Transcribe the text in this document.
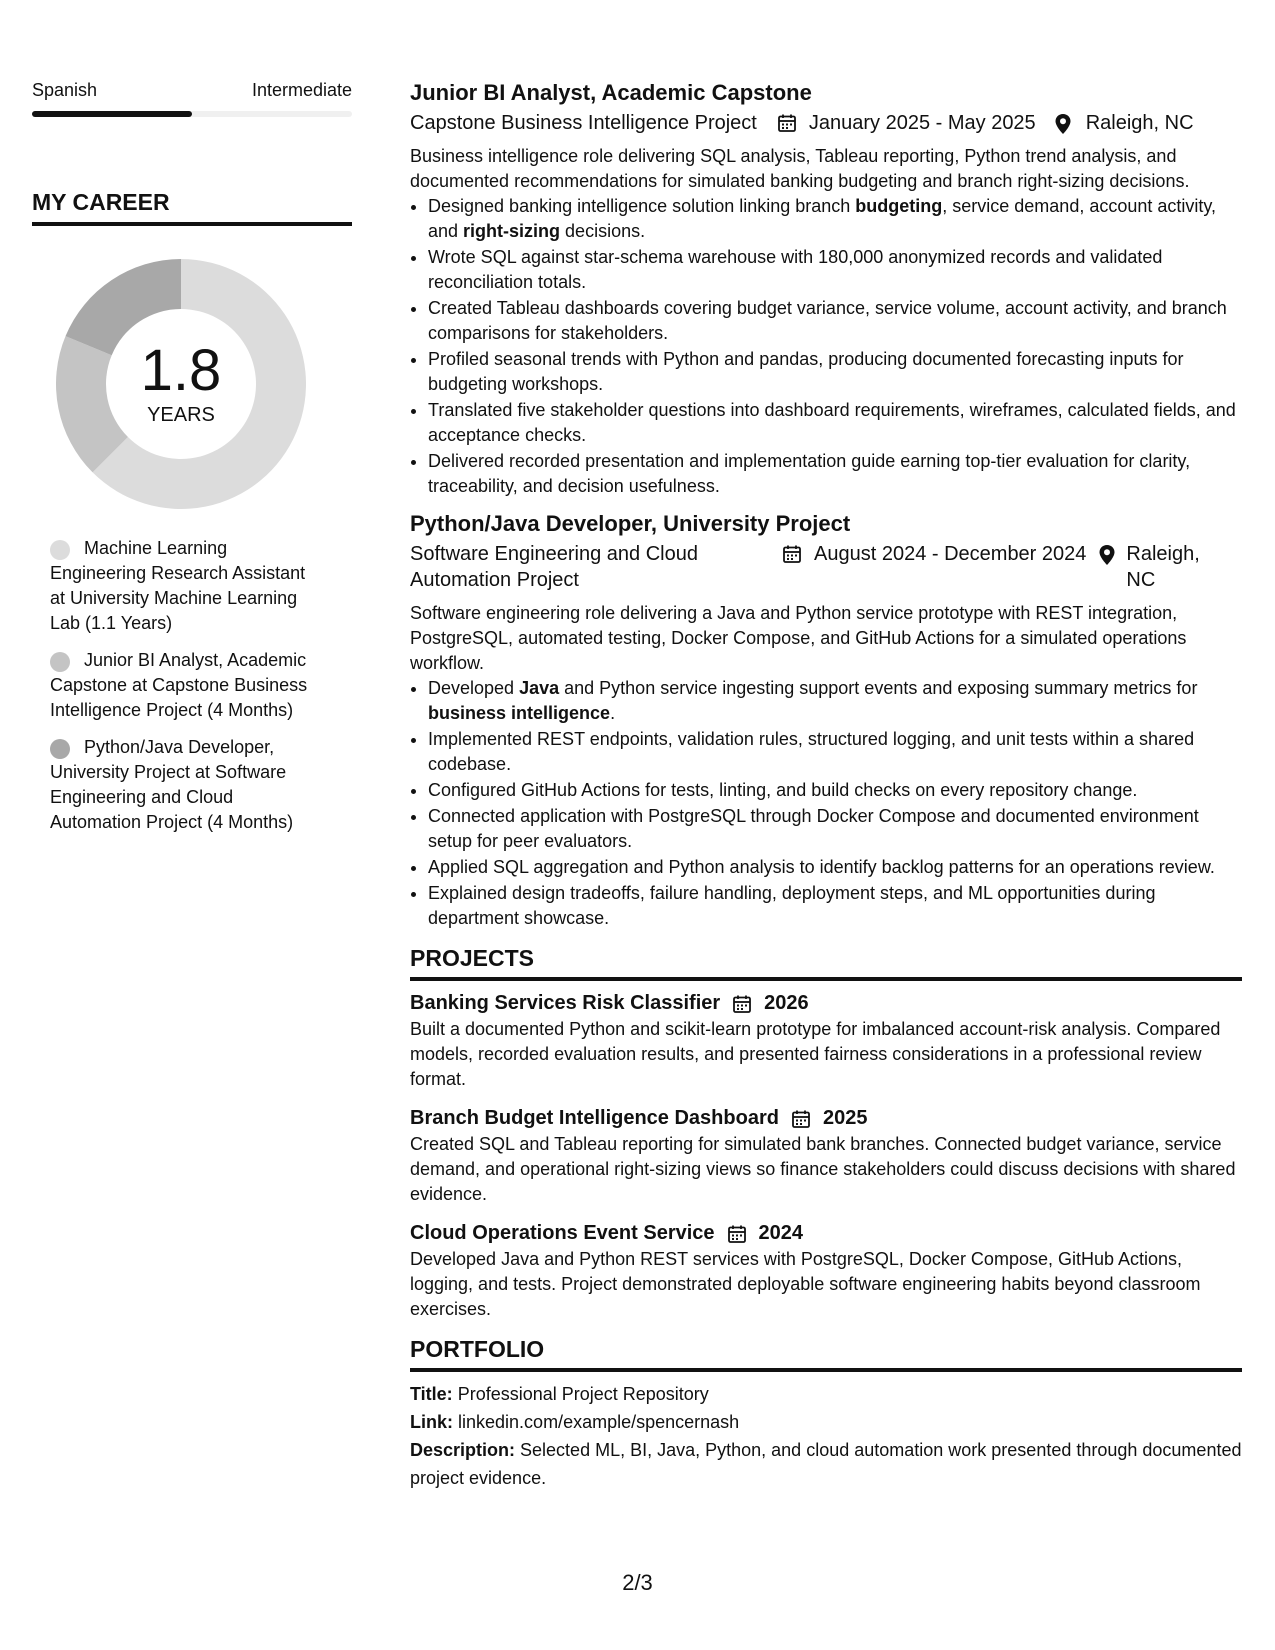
Spanish	Intermediate
MY CAREER
1.8
YEARS
Machine Learning Engineering Research Assistant at University Machine Learning Lab (1.1 Years)
Junior BI Analyst, Academic Capstone at Capstone Business Intelligence Project (4 Months)
Python/Java Developer, University Project at Software Engineering and Cloud Automation Project (4 Months)
Junior BI Analyst, Academic Capstone
Capstone Business Intelligence Project	January 2025 - May 2025	Raleigh, NC
Business intelligence role delivering SQL analysis, Tableau reporting, Python trend analysis, and documented recommendations for simulated banking budgeting and branch right-sizing decisions.
• Designed banking intelligence solution linking branch budgeting, service demand, account activity, and right-sizing decisions.
• Wrote SQL against star-schema warehouse with 180,000 anonymized records and validated reconciliation totals.
• Created Tableau dashboards covering budget variance, service volume, account activity, and branch comparisons for stakeholders.
• Profiled seasonal trends with Python and pandas, producing documented forecasting inputs for budgeting workshops.
• Translated five stakeholder questions into dashboard requirements, wireframes, calculated fields, and acceptance checks.
• Delivered recorded presentation and implementation guide earning top-tier evaluation for clarity, traceability, and decision usefulness.
Python/Java Developer, University Project
Software Engineering and Cloud Automation Project
August 2024 - December 2024 Raleigh, NC
Software engineering role delivering a Java and Python service prototype with REST integration, PostgreSQL, automated testing, Docker Compose, and GitHub Actions for a simulated operations workflow.
• Developed Java and Python service ingesting support events and exposing summary metrics for business intelligence.
• Implemented REST endpoints, validation rules, structured logging, and unit tests within a shared codebase.
• Configured GitHub Actions for tests, linting, and build checks on every repository change.
• Connected application with PostgreSQL through Docker Compose and documented environment setup for peer evaluators.
• Applied SQL aggregation and Python analysis to identify backlog patterns for an operations review.
• Explained design tradeoffs, failure handling, deployment steps, and ML opportunities during department showcase.
PROJECTS
Banking Services Risk Classifier 2026
Built a documented Python and scikit-learn prototype for imbalanced account-risk analysis. Compared models, recorded evaluation results, and presented fairness considerations in a professional review format.
Branch Budget Intelligence Dashboard 2025
Created SQL and Tableau reporting for simulated bank branches. Connected budget variance, service demand, and operational right-sizing views so finance stakeholders could discuss decisions with shared evidence.
Cloud Operations Event Service 2024
Developed Java and Python REST services with PostgreSQL, Docker Compose, GitHub Actions, logging, and tests. Project demonstrated deployable software engineering habits beyond classroom exercises.
PORTFOLIO
Title: Professional Project Repository
Link: linkedin.com/example/spencernash
Description: Selected ML, BI, Java, Python, and cloud automation work presented through documented project evidence.
2/3
